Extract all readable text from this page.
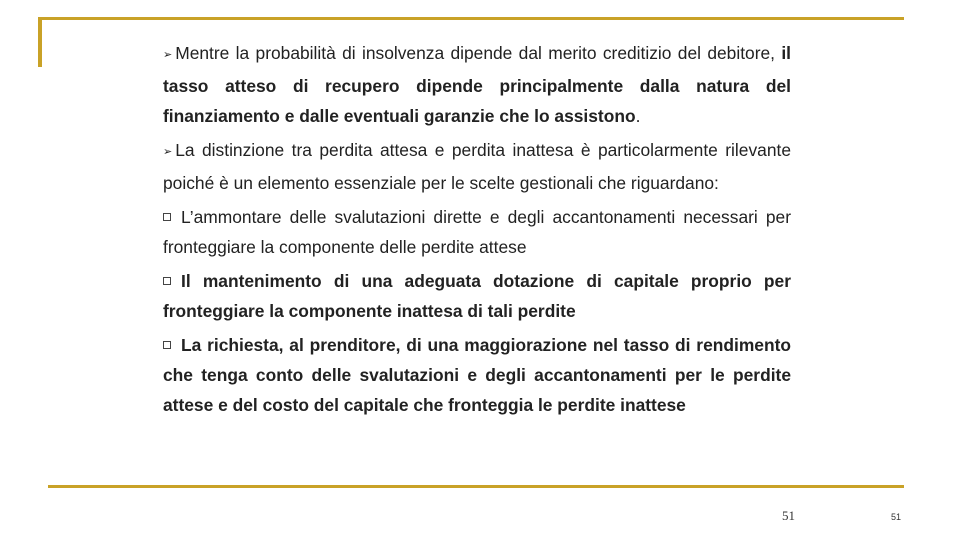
➢ Mentre la probabilità di insolvenza dipende dal merito creditizio del debitore, il tasso atteso di recupero dipende principalmente dalla natura del finanziamento e dalle eventuali garanzie che lo assistono.
➢ La distinzione tra perdita attesa e perdita inattesa è particolarmente rilevante poiché è un elemento essenziale per le scelte gestionali che riguardano:
L’ammontare delle svalutazioni dirette e degli accantonamenti necessari per fronteggiare la componente delle perdite attese
Il mantenimento di una adeguata dotazione di capitale proprio per fronteggiare la componente inattesa di tali perdite
La richiesta, al prenditore, di una maggiorazione nel tasso di rendimento che tenga conto delle svalutazioni e degli accantonamenti per le perdite attese e del costo del capitale che fronteggia le perdite inattese
51	51
